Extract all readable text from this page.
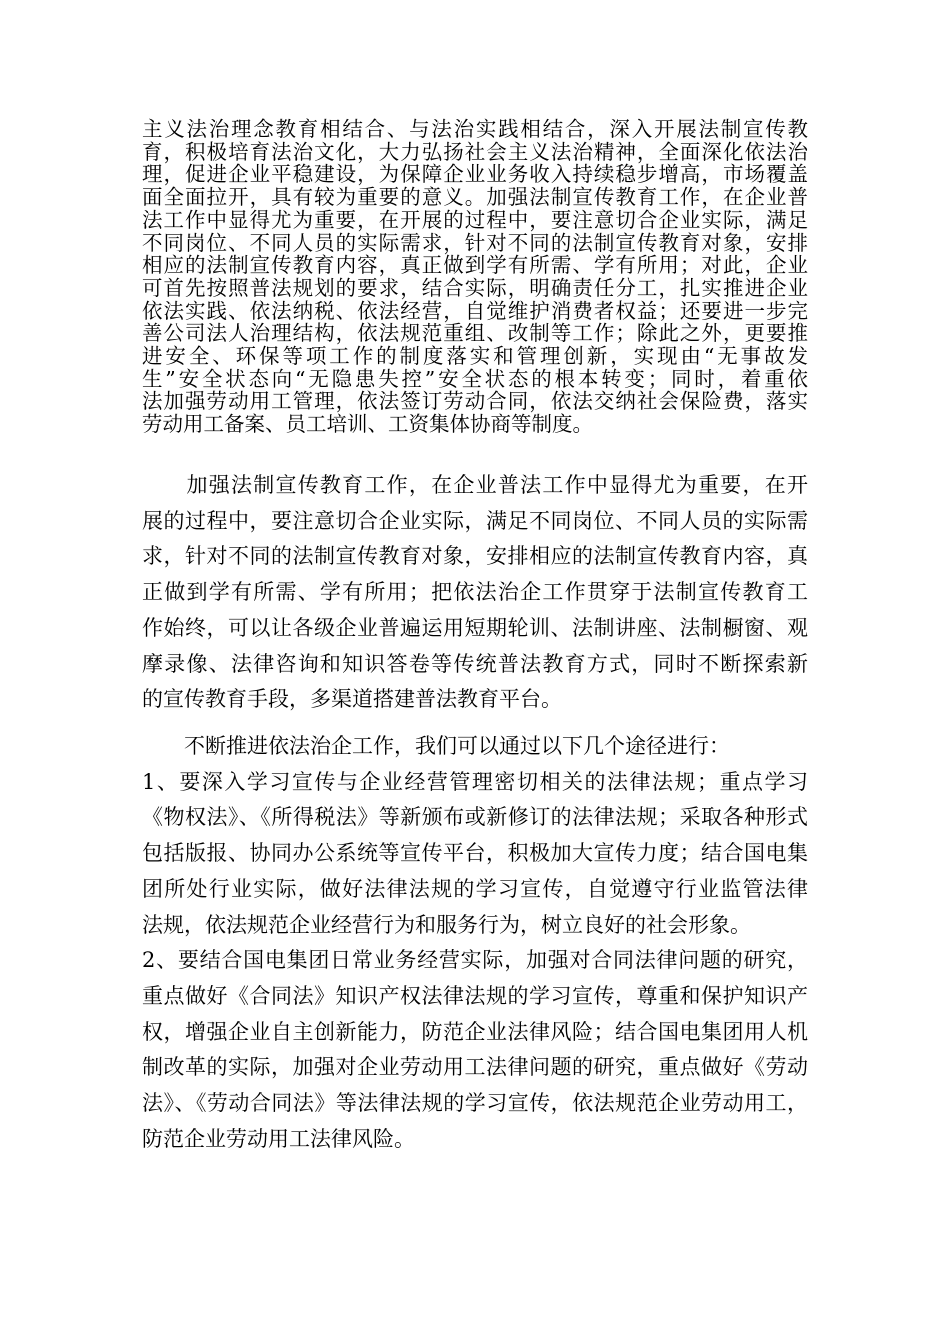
主义法治理念教育相结合、与法治实践相结合，深入开展法制宣传教
育，积极培育法治文化，大力弘扬社会主义法治精神，全面深化依法治
理，促进企业平稳建设，为保障企业业务收入持续稳步增高，市场覆盖
面全面拉开，具有较为重要的意义。加强法制宣传教育工作，在企业普
法工作中显得尤为重要，在开展的过程中，要注意切合企业实际，满足
不同岗位、不同人员的实际需求，针对不同的法制宣传教育对象，安排
相应的法制宣传教育内容，真正做到学有所需、学有所用；对此，企业
可首先按照普法规划的要求，结合实际，明确责任分工，扎实推进企业
依法实践、依法纳税、依法经营，自觉维护消费者权益；还要进一步完
善公司法人治理结构，依法规范重组、改制等工作；除此之外，更要推
进安全、环保等项工作的制度落实和管理创新，实现由“无事故发
生”安全状态向“无隐患失控”安全状态的根本转变；同时，着重依
法加强劳动用工管理，依法签订劳动合同，依法交纳社会保险费，落实
劳动用工备案、员工培训、工资集体协商等制度。
　　加强法制宣传教育工作，在企业普法工作中显得尤为重要，在开
展的过程中，要注意切合企业实际，满足不同岗位、不同人员的实际需
求，针对不同的法制宣传教育对象，安排相应的法制宣传教育内容，真
正做到学有所需、学有所用；把依法治企工作贯穿于法制宣传教育工
作始终，可以让各级企业普遍运用短期轮训、法制讲座、法制橱窗、观
摩录像、法律咨询和知识答卷等传统普法教育方式，同时不断探索新
的宣传教育手段，多渠道搭建普法教育平台。
　　不断推进依法治企工作，我们可以通过以下几个途径进行：
1、要深入学习宣传与企业经营管理密切相关的法律法规；重点学习
《物权法》、《所得税法》等新颁布或新修订的法律法规；采取各种形式
包括版报、协同办公系统等宣传平台，积极加大宣传力度；结合国电集
团所处行业实际，做好法律法规的学习宣传，自觉遵守行业监管法律
法规，依法规范企业经营行为和服务行为，树立良好的社会形象。
2、要结合国电集团日常业务经营实际，加强对合同法律问题的研究，
重点做好《合同法》知识产权法律法规的学习宣传，尊重和保护知识产
权，增强企业自主创新能力，防范企业法律风险；结合国电集团用人机
制改革的实际，加强对企业劳动用工法律问题的研究，重点做好《劳动
法》、《劳动合同法》等法律法规的学习宣传，依法规范企业劳动用工，
防范企业劳动用工法律风险。
